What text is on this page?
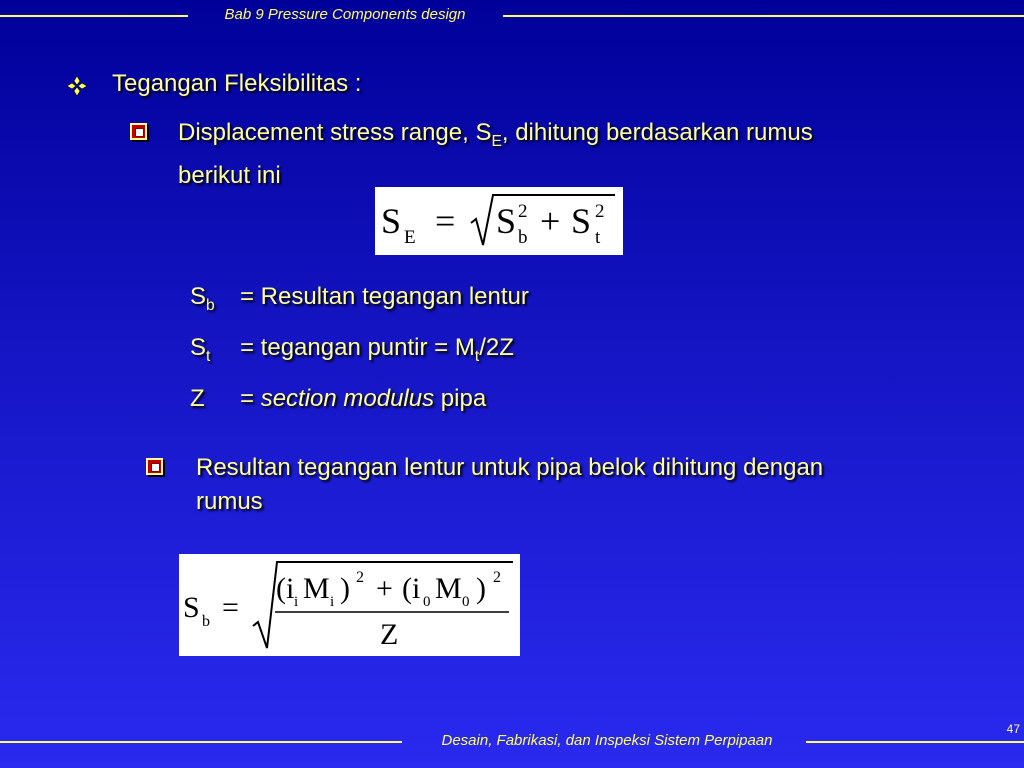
Bab 9 Pressure Components design
Tegangan Fleksibilitas :
Displacement stress range, $S_E$, dihitung berdasarkan rumus
berikut ini
S E = S 2
b + S 2
t
$S_b$	= Resultan tegangan lentur
$S_t$	= tegangan puntir = $M_t/2Z$
Z	= section modulus pipa
Resultan tegangan lentur untuk pipa belok dihitung dengan
rumus
S b =
(i i M i ) 2 + (i 0 M 0 ) 2
Z
47
Desain, Fabrikasi, dan Inspeksi Sistem Perpipaan
